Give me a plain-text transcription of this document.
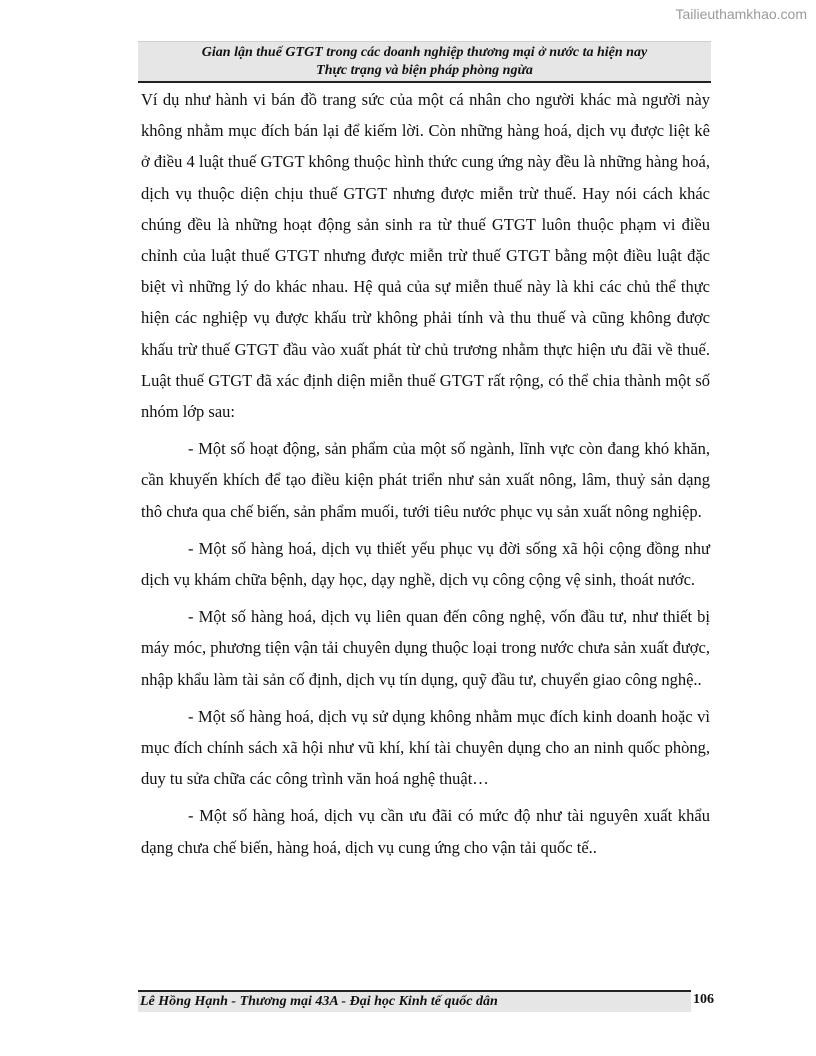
Tailieuthamkhao.com
Gian lận thuế GTGT trong các doanh nghiệp thương mại ở nước ta hiện nay
Thực trạng và biện pháp phòng ngừa

Ví dụ như hành vi bán đồ trang sức của một cá nhân cho người khác mà người này không nhằm mục đích bán lại để kiếm lời. Còn những hàng hoá, dịch vụ được liệt kê ở điều 4 luật thuế GTGT không thuộc hình thức cung ứng này đều là những hàng hoá, dịch vụ thuộc diện chịu thuế GTGT nhưng được miễn trừ thuế. Hay nói cách khác chúng đều là những hoạt động sản sinh ra từ thuế GTGT luôn thuộc phạm vi điều chỉnh của luật thuế GTGT nhưng được miễn trừ thuế GTGT bằng một điều luật đặc biệt vì những lý do khác nhau. Hệ quả của sự miễn thuế này là khi các chủ thể thực hiện các nghiệp vụ được khấu trừ không phải tính và thu thuế và cũng không được khấu trừ thuế GTGT đầu vào xuất phát từ chủ trương nhằm thực hiện ưu đãi về thuế. Luật thuế GTGT đã xác định diện miễn thuế GTGT rất rộng, có thể chia thành một số nhóm lớp sau:

- Một số hoạt động, sản phẩm của một số ngành, lĩnh vực còn đang khó khăn, cần khuyến khích để tạo điều kiện phát triển như sản xuất nông, lâm, thuỷ sản dạng thô chưa qua chế biến, sản phẩm muối, tưới tiêu nước phục vụ sản xuất nông nghiệp.

- Một số hàng hoá, dịch vụ thiết yếu phục vụ đời sống xã hội cộng đồng như dịch vụ khám chữa bệnh, dạy học, dạy nghề, dịch vụ công cộng vệ sinh, thoát nước.

- Một số hàng hoá, dịch vụ liên quan đến công nghệ, vốn đầu tư, như thiết bị máy móc, phương tiện vận tải chuyên dụng thuộc loại trong nước chưa sản xuất được, nhập khẩu làm tài sản cố định, dịch vụ tín dụng, quỹ đầu tư, chuyển giao công nghệ..

- Một số hàng hoá, dịch vụ sử dụng không nhằm mục đích kinh doanh hoặc vì mục đích chính sách xã hội như vũ khí, khí tài chuyên dụng cho an ninh quốc phòng, duy tu sửa chữa các công trình văn hoá nghệ thuật…

- Một số hàng hoá, dịch vụ cần ưu đãi có mức độ như tài nguyên xuất khẩu dạng chưa chế biến, hàng hoá, dịch vụ cung ứng cho vận tải quốc tế..

Lê Hồng Hạnh - Thương mại 43A - Đại học Kinh tế quốc dân	106
